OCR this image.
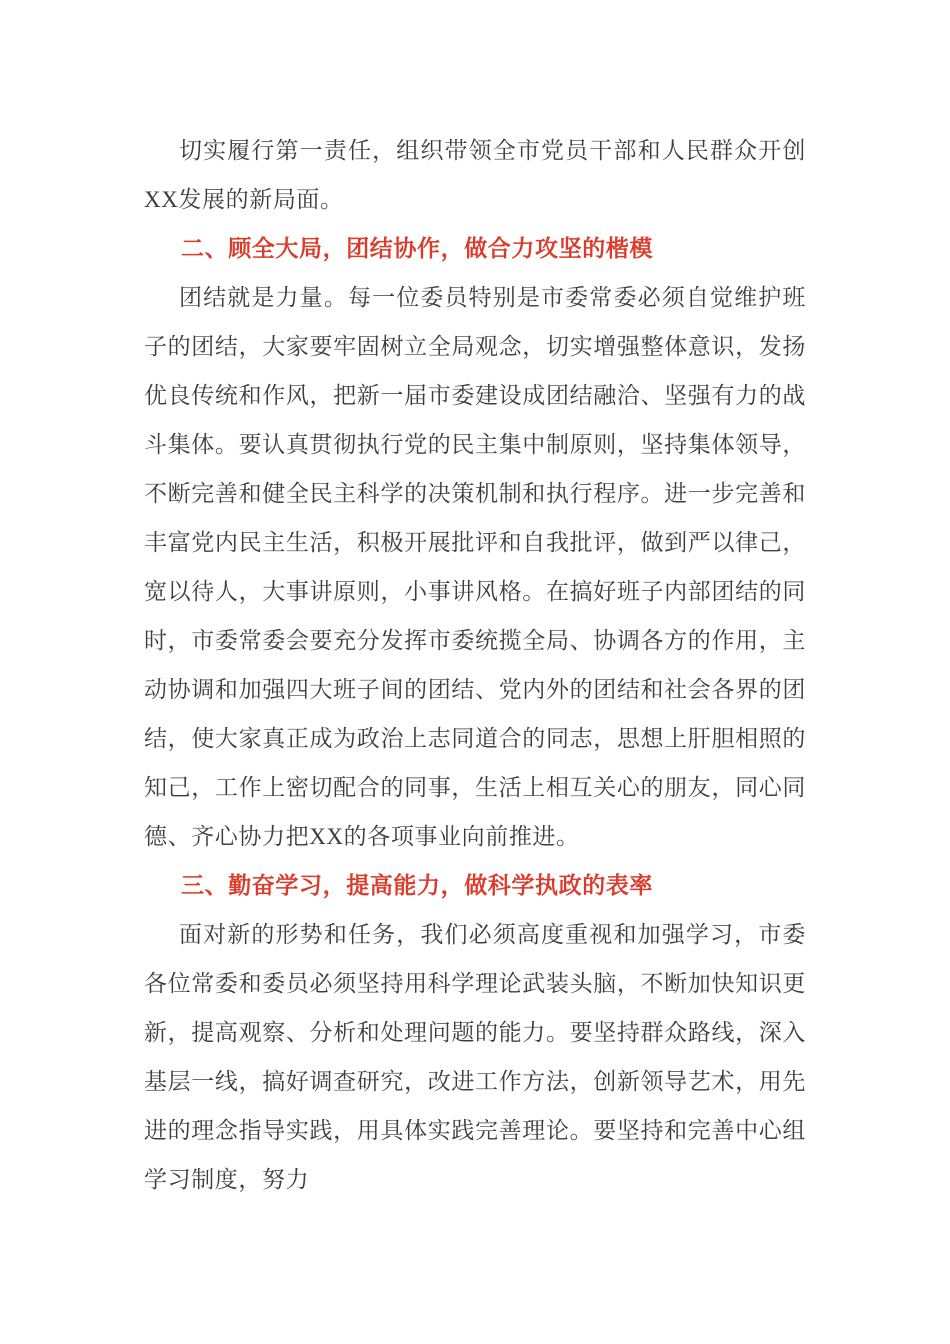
切实履行第一责任，组织带领全市党员干部和人民群众开创XX发展的新局面。

二、顾全大局，团结协作，做合力攻坚的楷模

团结就是力量。每一位委员特别是市委常委必须自觉维护班子的团结，大家要牢固树立全局观念，切实增强整体意识，发扬优良传统和作风，把新一届市委建设成团结融洽、坚强有力的战斗集体。要认真贯彻执行党的民主集中制原则，坚持集体领导，不断完善和健全民主科学的决策机制和执行程序。进一步完善和丰富党内民主生活，积极开展批评和自我批评，做到严以律己，宽以待人，大事讲原则，小事讲风格。在搞好班子内部团结的同时，市委常委会要充分发挥市委统揽全局、协调各方的作用，主动协调和加强四大班子间的团结、党内外的团结和社会各界的团结，使大家真正成为政治上志同道合的同志，思想上肝胆相照的知己，工作上密切配合的同事，生活上相互关心的朋友，同心同德、齐心协力把XX的各项事业向前推进。

三、勤奋学习，提高能力，做科学执政的表率

面对新的形势和任务，我们必须高度重视和加强学习，市委各位常委和委员必须坚持用科学理论武装头脑，不断加快知识更新，提高观察、分析和处理问题的能力。要坚持群众路线，深入基层一线，搞好调查研究，改进工作方法，创新领导艺术，用先进的理念指导实践，用具体实践完善理论。要坚持和完善中心组学习制度，努力
